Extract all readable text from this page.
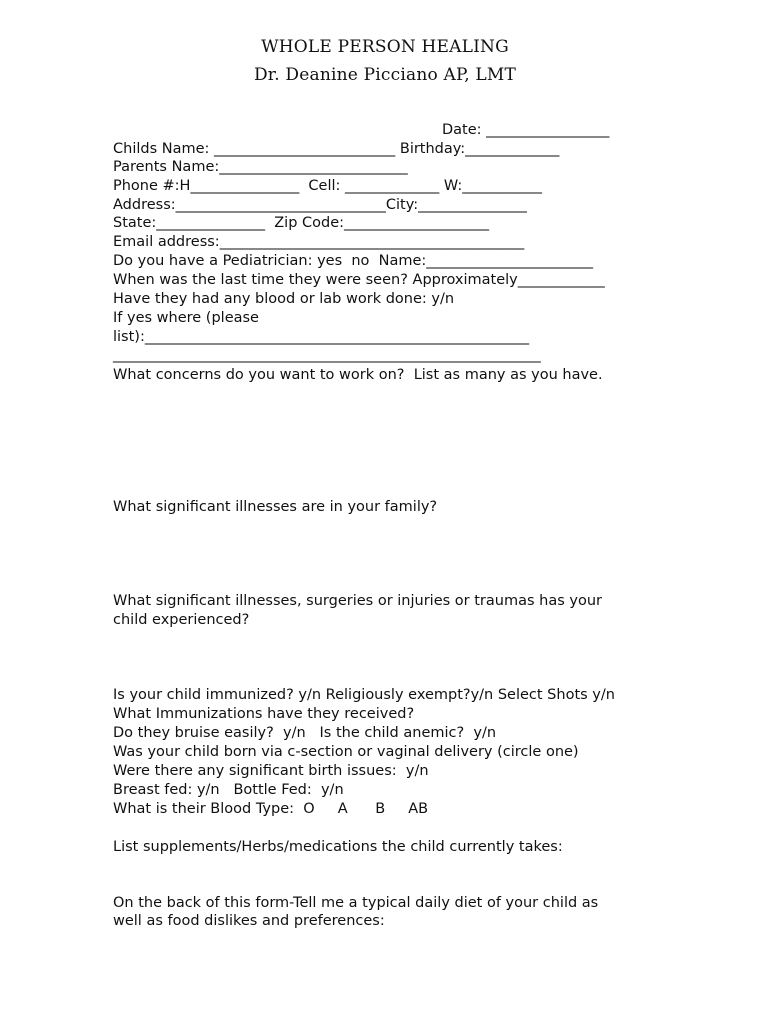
WHOLE PERSON HEALING
Dr. Deanine Picciano AP, LMT
Date: _________________
Childs Name: _________________________ Birthday:_____________
Parents Name:__________________________
Phone #:H_______________  Cell: _____________ W:___________
Address:_____________________________City:_______________
State:_______________  Zip Code:____________________
Email address:__________________________________________
Do you have a Pediatrician: yes  no  Name:_______________________
When was the last time they were seen? Approximately____________
Have they had any blood or lab work done: y/n
If yes where (please
list):_____________________________________________________
___________________________________________________________
What concerns do you want to work on?  List as many as you have.
What significant illnesses are in your family?
What significant illnesses, surgeries or injuries or traumas has your
child experienced?
Is your child immunized? y/n Religiously exempt?y/n Select Shots y/n
What Immunizations have they received?
Do they bruise easily?  y/n   Is the child anemic?  y/n
Was your child born via c-section or vaginal delivery (circle one)
Were there any significant birth issues:  y/n
Breast fed: y/n   Bottle Fed:  y/n
What is their Blood Type:  O     A      B     AB
List supplements/Herbs/medications the child currently takes:
On the back of this form-Tell me a typical daily diet of your child as
well as food dislikes and preferences:
